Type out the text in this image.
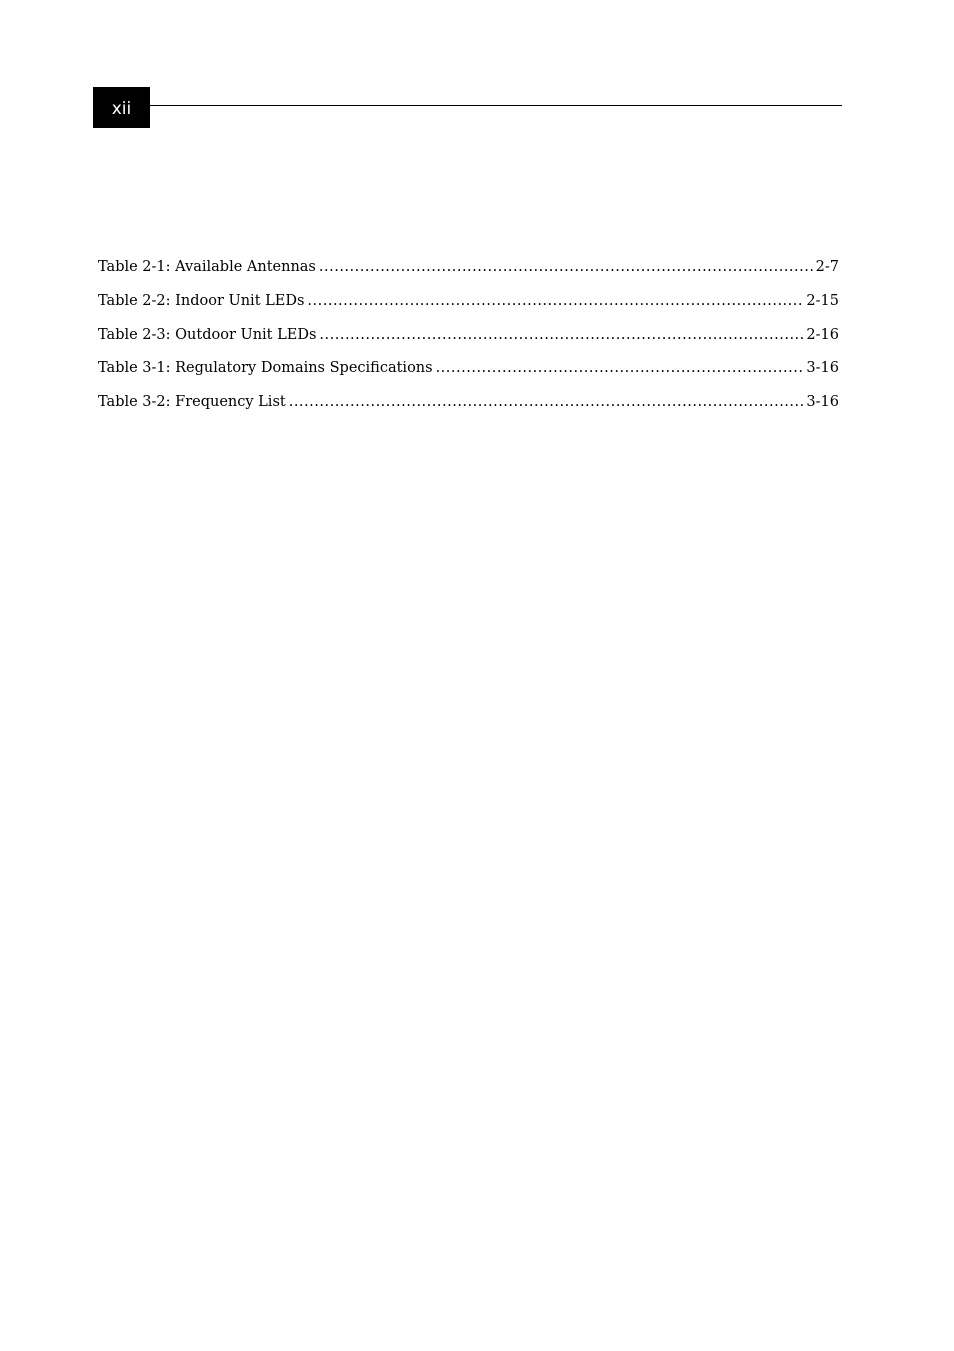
xii
Table 2-1: Available Antennas .....	2-7
Table 2-2: Indoor Unit LEDs .....	2-15
Table 2-3: Outdoor Unit LEDs .....	2-16
Table 3-1: Regulatory Domains Specifications .....	3-16
Table 3-2: Frequency List .....	3-16
